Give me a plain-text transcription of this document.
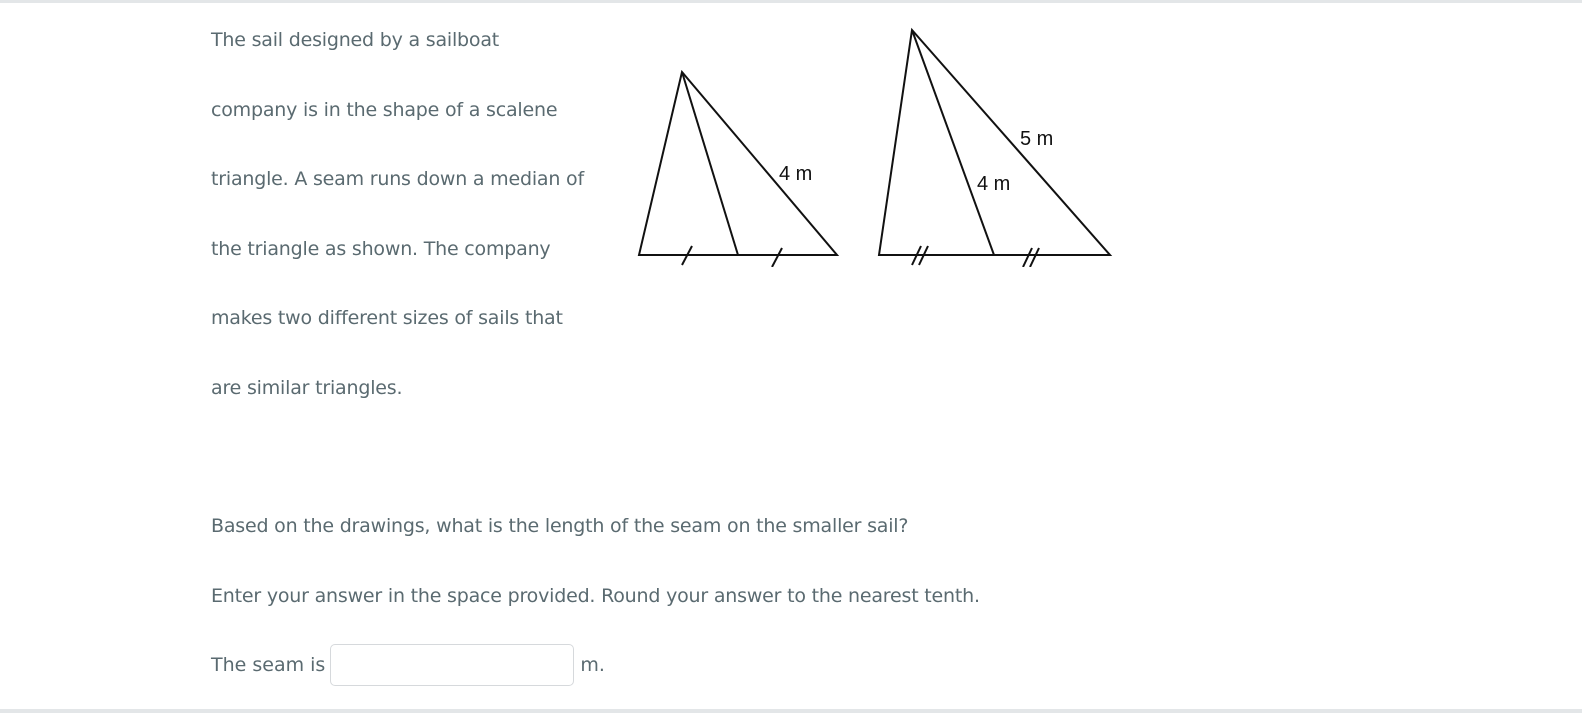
The sail designed by a sailboat
company is in the shape of a scalene
triangle. A seam runs down a median of
the triangle as shown. The company
makes two different sizes of sails that
are similar triangles.
4 m
5 m
4 m
Based on the drawings, what is the length of the seam on the smaller sail?
Enter your answer in the space provided. Round your answer to the nearest tenth.
The seam is	m.
